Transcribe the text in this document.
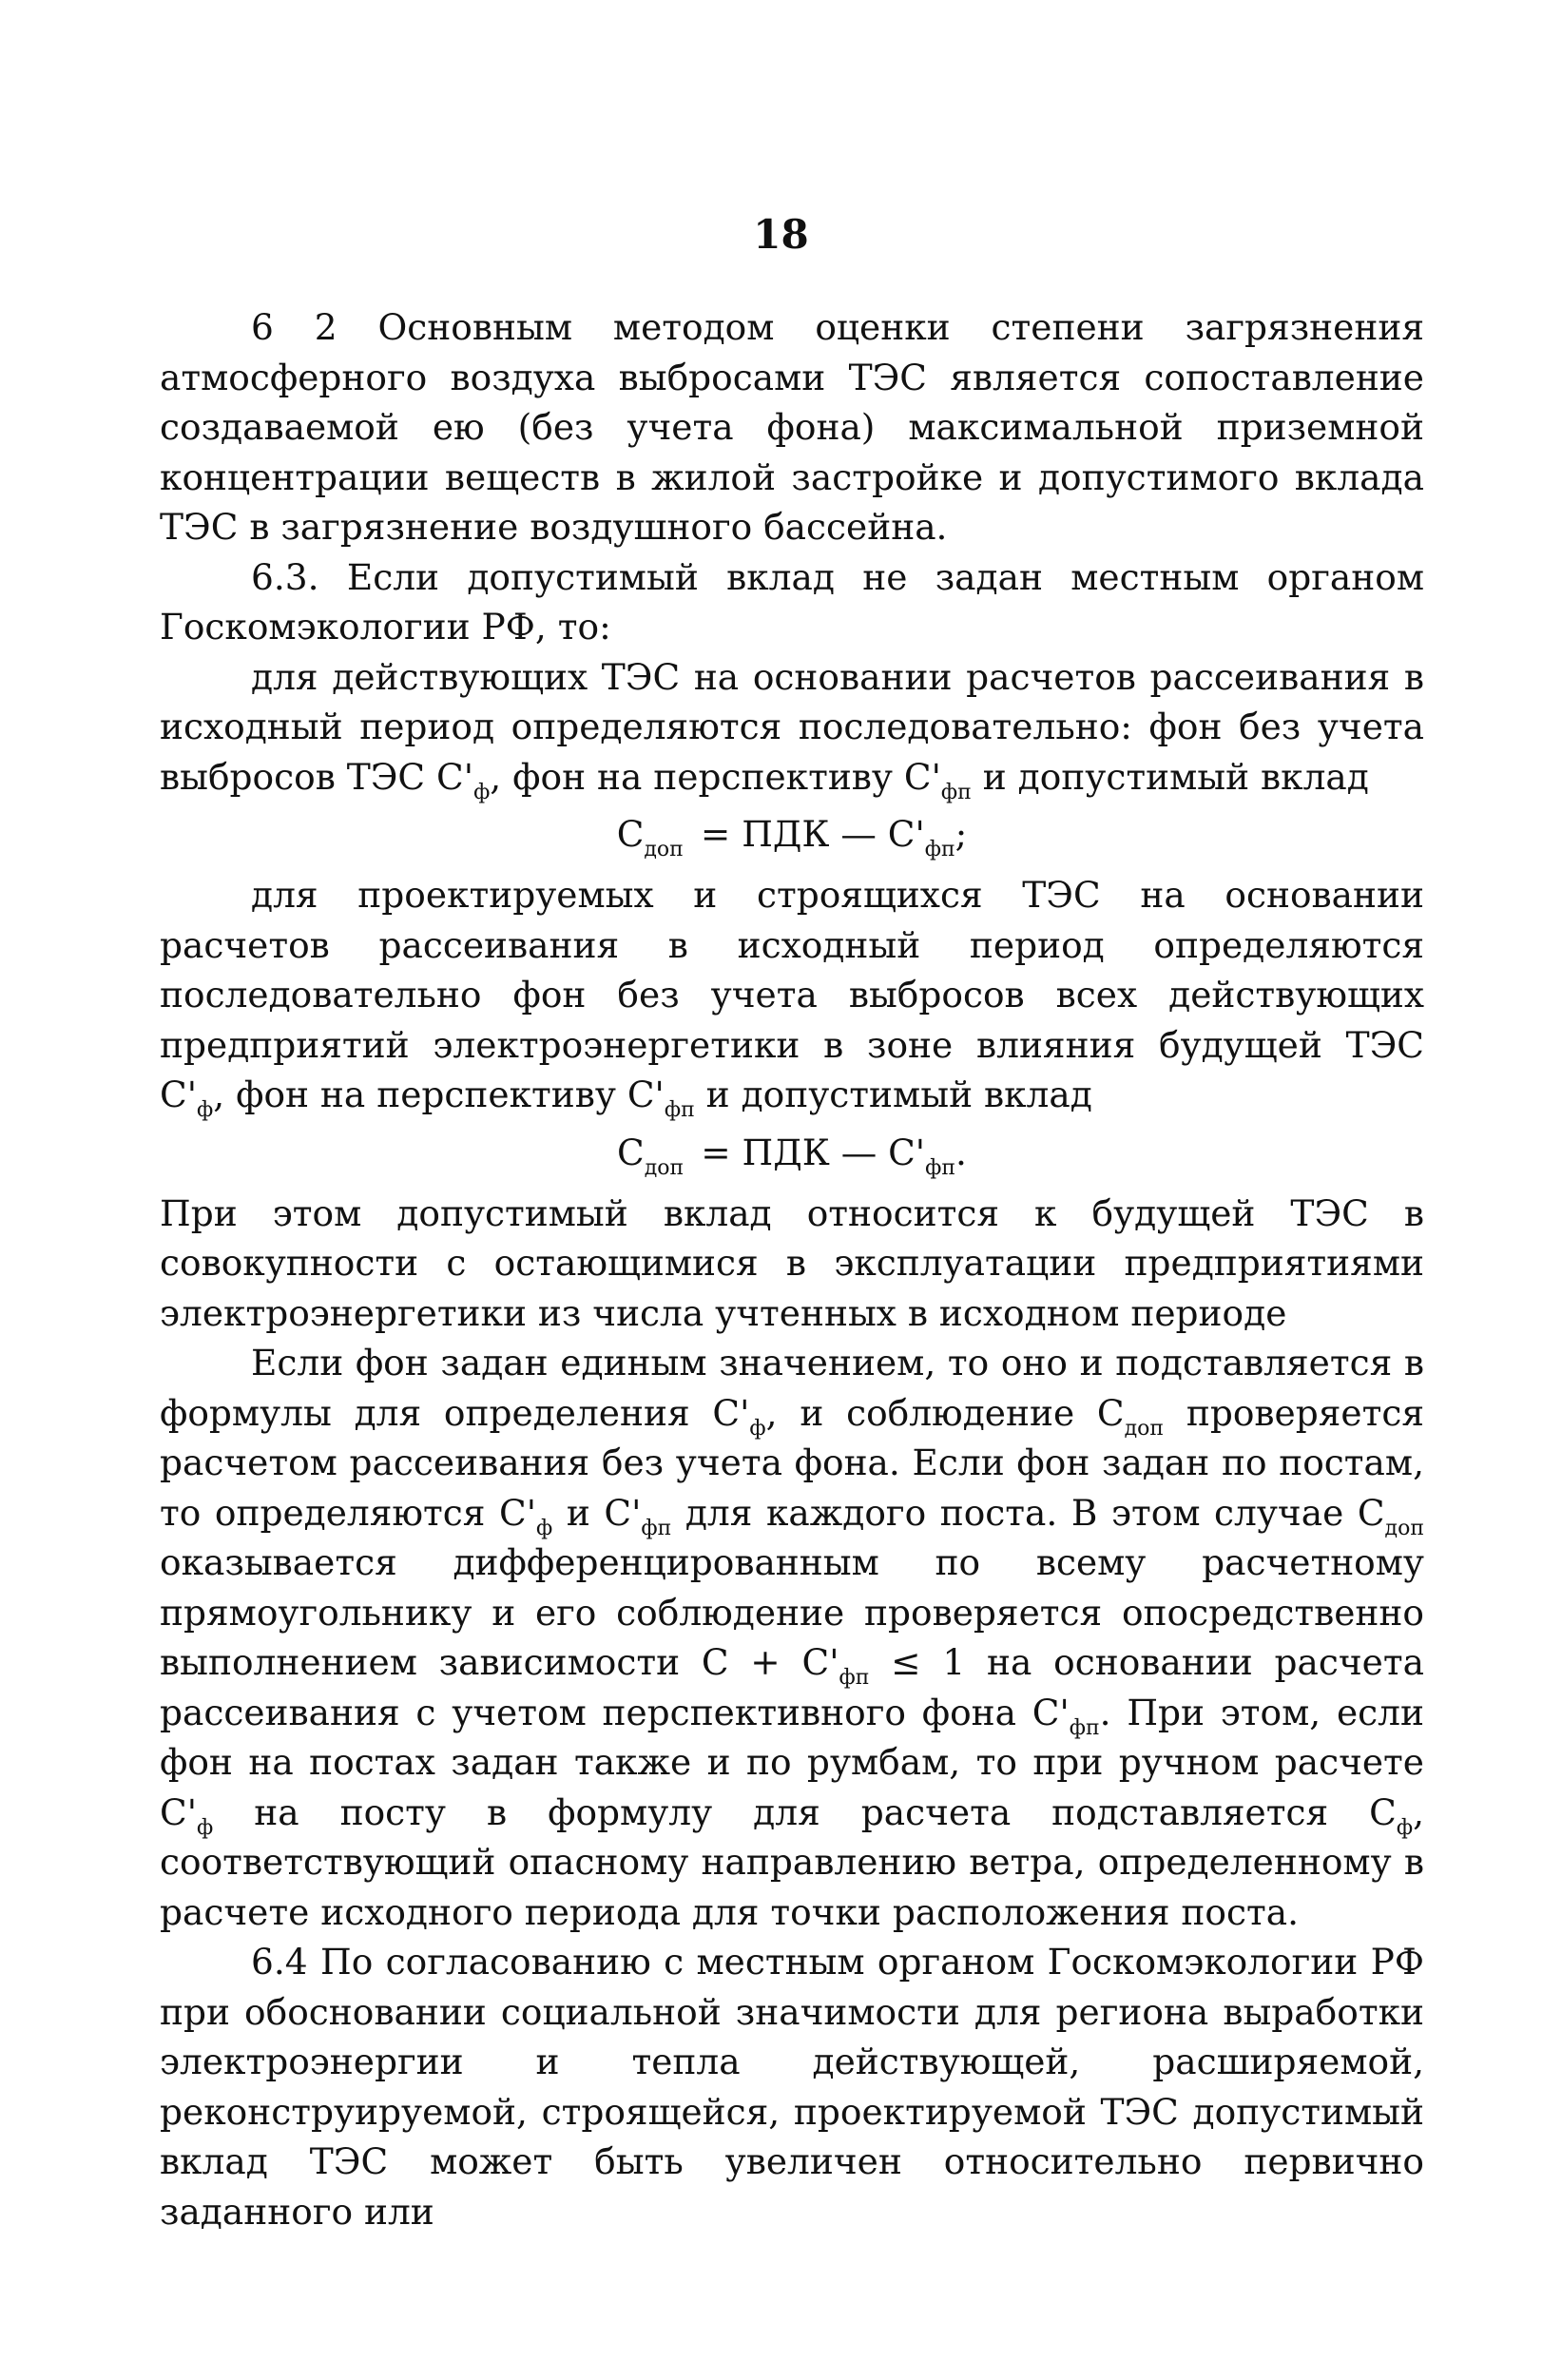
18

6 2 Основным методом оценки степени загрязнения атмосферного воздуха выбросами ТЭС является сопоставление создаваемой ею (без учета фона) максимальной приземной концентрации веществ в жилой застройке и допустимого вклада ТЭС в загрязнение воздушного бассейна.

6.3. Если допустимый вклад не задан местным органом Госкомэкологии РФ, то:

для действующих ТЭС на основании расчетов рассеивания в исходный период определяются последовательно: фон без учета выбросов ТЭС $С'_ф$, фон на перспективу $С'_{фп}$ и допустимый вклад

$С_{доп}$ = ПДК — $С'_{фп}$;

для проектируемых и строящихся ТЭС на основании расчетов рассеивания в исходный период определяются последовательно фон без учета выбросов всех действующих предприятий электроэнергетики в зоне влияния будущей ТЭС $С'_ф$, фон на перспективу $С'_{фп}$ и допустимый вклад

$С_{доп}$ = ПДК — $С'_{фп}$.

При этом допустимый вклад относится к будущей ТЭС в совокупности с остающимися в эксплуатации предприятиями электроэнергетики из числа учтенных в исходном периоде

Если фон задан единым значением, то оно и подставляется в формулы для определения $С'_ф$, и соблюдение $С_{доп}$ проверяется расчетом рассеивания без учета фона. Если фон задан по постам, то определяются $С'_ф$ и $С'_{фп}$ для каждого поста. В этом случае $С_{доп}$ оказывается дифференцированным по всему расчетному прямоугольнику и его соблюдение проверяется опосредственно выполнением зависимости $С + С'_{фп} \le 1$ на основании расчета рассеивания с учетом перспективного фона $С'_{фп}$. При этом, если фон на постах задан также и по румбам, то при ручном расчете $С'_ф$ на посту в формулу для расчета подставляется $С_ф$, соответствующий опасному направлению ветра, определенному в расчете исходного периода для точки расположения поста.

6.4 По согласованию с местным органом Госкомэкологии РФ при обосновании социальной значимости для региона выработки электроэнергии и тепла действующей, расширяемой, реконструируемой, строящейся, проектируемой ТЭС допустимый вклад ТЭС может быть увеличен относительно первично заданного или
